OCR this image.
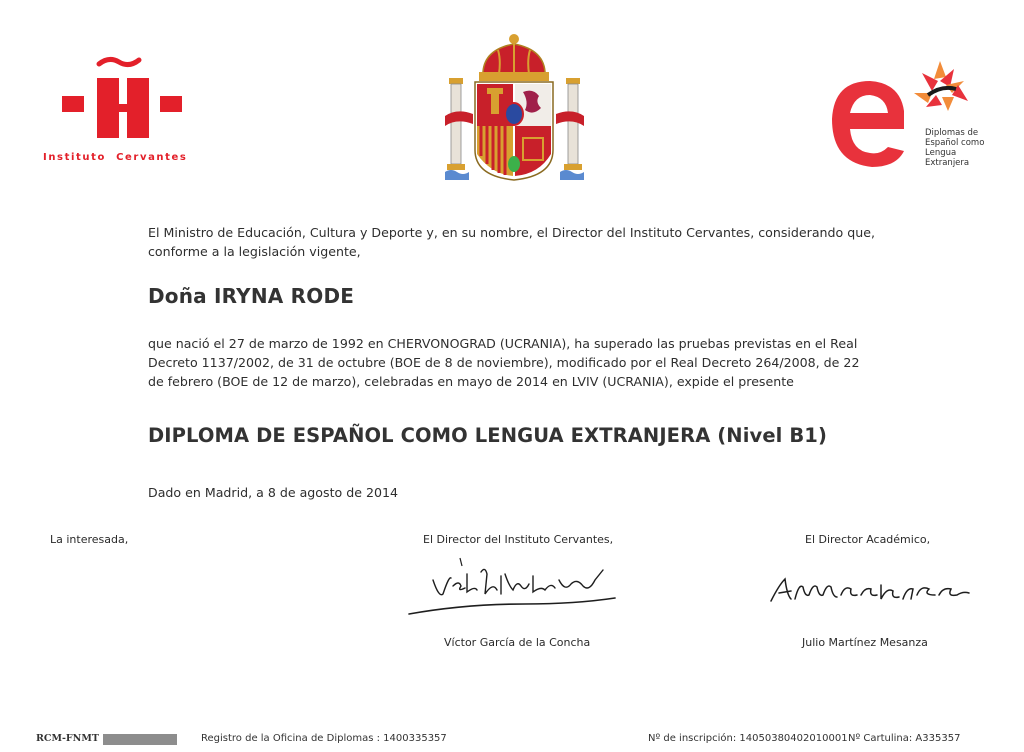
Instituto  Cervantes
Diplomas de
Español como
Lengua
Extranjera
El Ministro de Educación, Cultura y Deporte y, en su nombre, el Director del Instituto Cervantes, considerando que, conforme a la legislación vigente,
Doña IRYNA RODE
que nació el 27 de marzo de 1992 en CHERVONOGRAD (UCRANIA), ha superado las pruebas previstas en el Real Decreto 1137/2002, de 31 de octubre (BOE de 8 de noviembre), modificado por el Real Decreto 264/2008, de 22 de febrero (BOE de 12 de marzo), celebradas en mayo de 2014 en LVIV (UCRANIA), expide el presente
DIPLOMA DE ESPAÑOL COMO LENGUA EXTRANJERA (Nivel B1)
Dado en Madrid, a 8 de agosto de 2014
La interesada,	El Director del Instituto Cervantes,	El Director Académico,
Víctor García de la Concha	Julio Martínez Mesanza
RCM-FNMT	Registro de la Oficina de Diplomas : 1400335357	Nº de inscripción: 14050380402010001 Nº Cartulina: A335357
